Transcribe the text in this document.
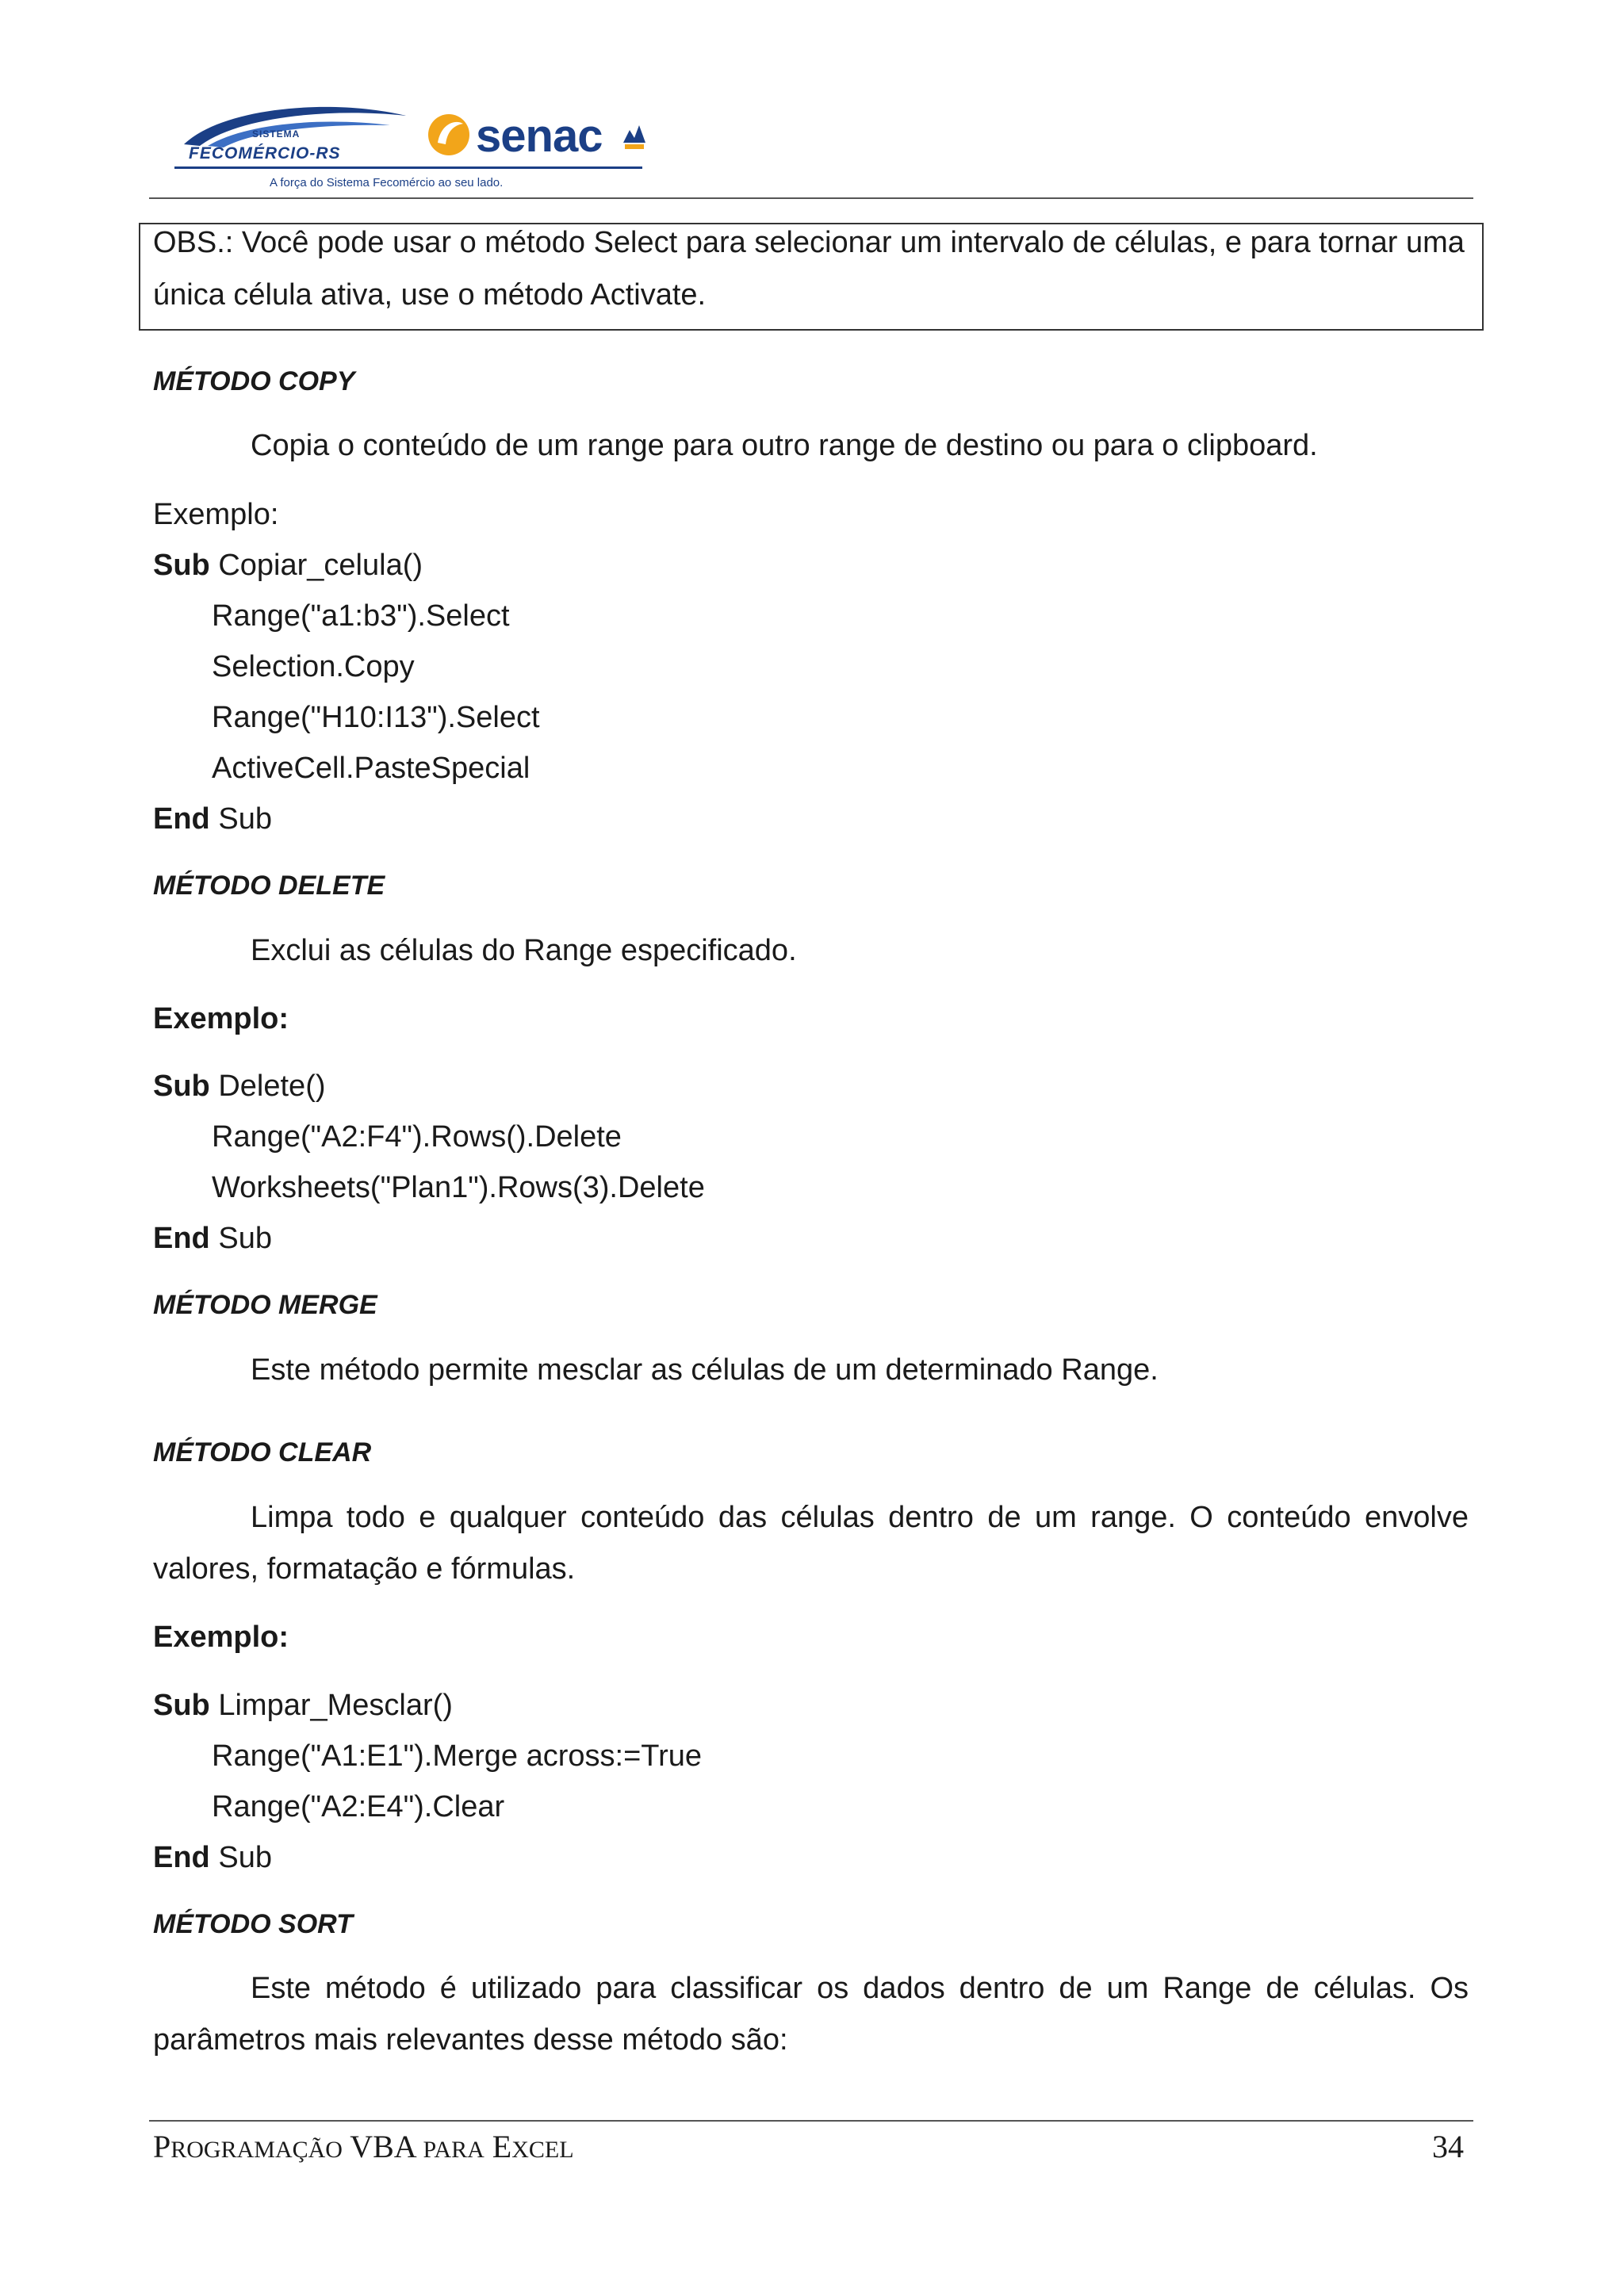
SISTEMA
FECOMÉRCIO-RS
A força do Sistema Fecomércio ao seu lado.
senac
OBS.: Você pode usar o método Select para selecionar um intervalo de células, e para tornar uma
única célula ativa, use o método Activate.
MÉTODO COPY
Copia o conteúdo de um range para outro range de destino ou para o clipboard.
Exemplo:
Sub Copiar_celula()
Range("a1:b3").Select
Selection.Copy
Range("H10:I13").Select
ActiveCell.PasteSpecial
End Sub
MÉTODO DELETE
Exclui as células do Range especificado.
Exemplo:
Sub Delete()
Range("A2:F4").Rows().Delete
Worksheets("Plan1").Rows(3).Delete
End Sub
MÉTODO MERGE
Este método permite mesclar as células de um determinado Range.
MÉTODO CLEAR
Limpa todo e qualquer conteúdo das células dentro de um range. O conteúdo envolve
valores, formatação e fórmulas.
Exemplo:
Sub Limpar_Mesclar()
Range("A1:E1").Merge across:=True
Range("A2:E4").Clear
End Sub
MÉTODO SORT
Este método é utilizado para classificar os dados dentro de um Range de células. Os
parâmetros mais relevantes desse método são:
PROGRAMAÇÃO VBA PARA EXCEL	34
